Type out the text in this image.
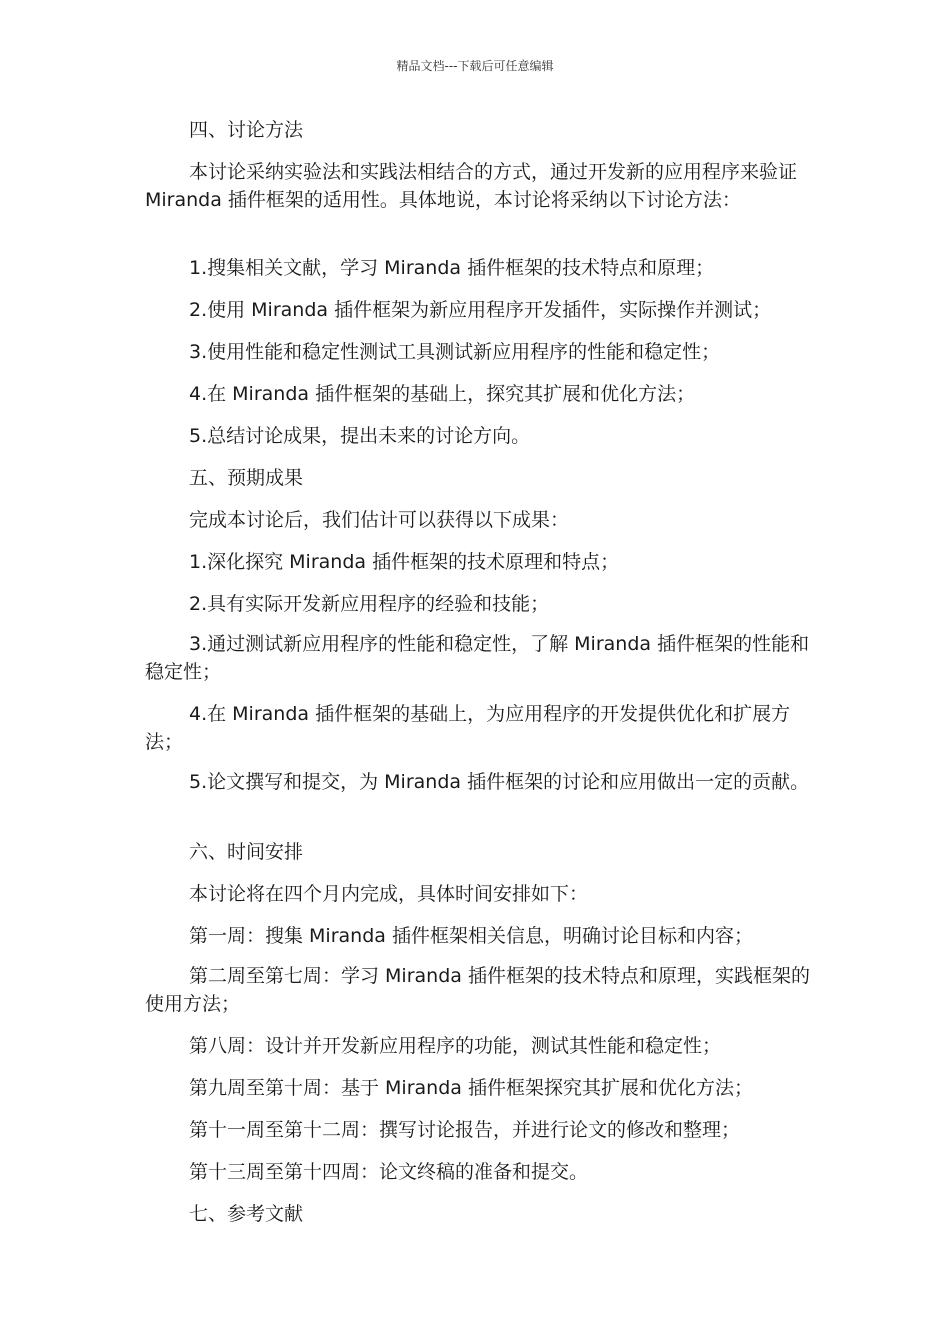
精品文档---下载后可任意编辑
四、讨论方法
本讨论采纳实验法和实践法相结合的方式，通过开发新的应用程序来验证 Miranda 插件框架的适用性。具体地说，本讨论将采纳以下讨论方法：
1.搜集相关文献，学习 Miranda 插件框架的技术特点和原理；
2.使用 Miranda 插件框架为新应用程序开发插件，实际操作并测试；
3.使用性能和稳定性测试工具测试新应用程序的性能和稳定性；
4.在 Miranda 插件框架的基础上，探究其扩展和优化方法；
5.总结讨论成果，提出未来的讨论方向。
五、预期成果
完成本讨论后，我们估计可以获得以下成果：
1.深化探究 Miranda 插件框架的技术原理和特点；
2.具有实际开发新应用程序的经验和技能；
3.通过测试新应用程序的性能和稳定性，了解 Miranda 插件框架的性能和稳定性；
4.在 Miranda 插件框架的基础上，为应用程序的开发提供优化和扩展方法；
5.论文撰写和提交，为 Miranda 插件框架的讨论和应用做出一定的贡献。
六、时间安排
本讨论将在四个月内完成，具体时间安排如下：
第一周：搜集 Miranda 插件框架相关信息，明确讨论目标和内容；
第二周至第七周：学习 Miranda 插件框架的技术特点和原理，实践框架的使用方法；
第八周：设计并开发新应用程序的功能，测试其性能和稳定性；
第九周至第十周：基于 Miranda 插件框架探究其扩展和优化方法；
第十一周至第十二周：撰写讨论报告，并进行论文的修改和整理；
第十三周至第十四周：论文终稿的准备和提交。
七、参考文献
